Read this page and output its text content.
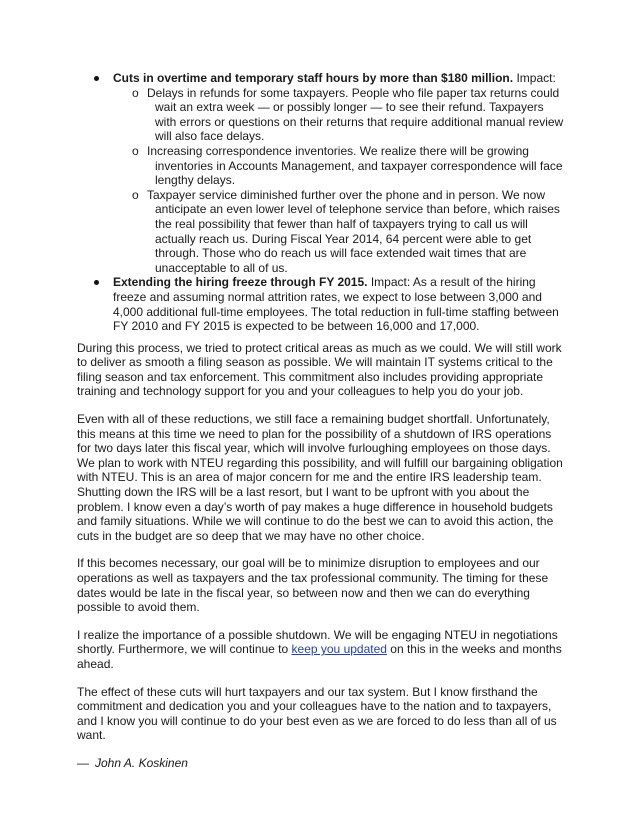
Cuts in overtime and temporary staff hours by more than $180 million. Impact:
o Delays in refunds for some taxpayers. People who file paper tax returns could wait an extra week — or possibly longer — to see their refund. Taxpayers with errors or questions on their returns that require additional manual review will also face delays.
o Increasing correspondence inventories. We realize there will be growing inventories in Accounts Management, and taxpayer correspondence will face lengthy delays.
o Taxpayer service diminished further over the phone and in person. We now anticipate an even lower level of telephone service than before, which raises the real possibility that fewer than half of taxpayers trying to call us will actually reach us. During Fiscal Year 2014, 64 percent were able to get through. Those who do reach us will face extended wait times that are unacceptable to all of us.
Extending the hiring freeze through FY 2015. Impact: As a result of the hiring freeze and assuming normal attrition rates, we expect to lose between 3,000 and 4,000 additional full-time employees. The total reduction in full-time staffing between FY 2010 and FY 2015 is expected to be between 16,000 and 17,000.

During this process, we tried to protect critical areas as much as we could. We will still work to deliver as smooth a filing season as possible. We will maintain IT systems critical to the filing season and tax enforcement. This commitment also includes providing appropriate training and technology support for you and your colleagues to help you do your job.

Even with all of these reductions, we still face a remaining budget shortfall. Unfortunately, this means at this time we need to plan for the possibility of a shutdown of IRS operations for two days later this fiscal year, which will involve furloughing employees on those days. We plan to work with NTEU regarding this possibility, and will fulfill our bargaining obligation with NTEU. This is an area of major concern for me and the entire IRS leadership team. Shutting down the IRS will be a last resort, but I want to be upfront with you about the problem. I know even a day’s worth of pay makes a huge difference in household budgets and family situations. While we will continue to do the best we can to avoid this action, the cuts in the budget are so deep that we may have no other choice.

If this becomes necessary, our goal will be to minimize disruption to employees and our operations as well as taxpayers and the tax professional community. The timing for these dates would be late in the fiscal year, so between now and then we can do everything possible to avoid them.

I realize the importance of a possible shutdown. We will be engaging NTEU in negotiations shortly. Furthermore, we will continue to keep you updated on this in the weeks and months ahead.

The effect of these cuts will hurt taxpayers and our tax system. But I know firsthand the commitment and dedication you and your colleagues have to the nation and to taxpayers, and I know you will continue to do your best even as we are forced to do less than all of us want.

— John A. Koskinen
